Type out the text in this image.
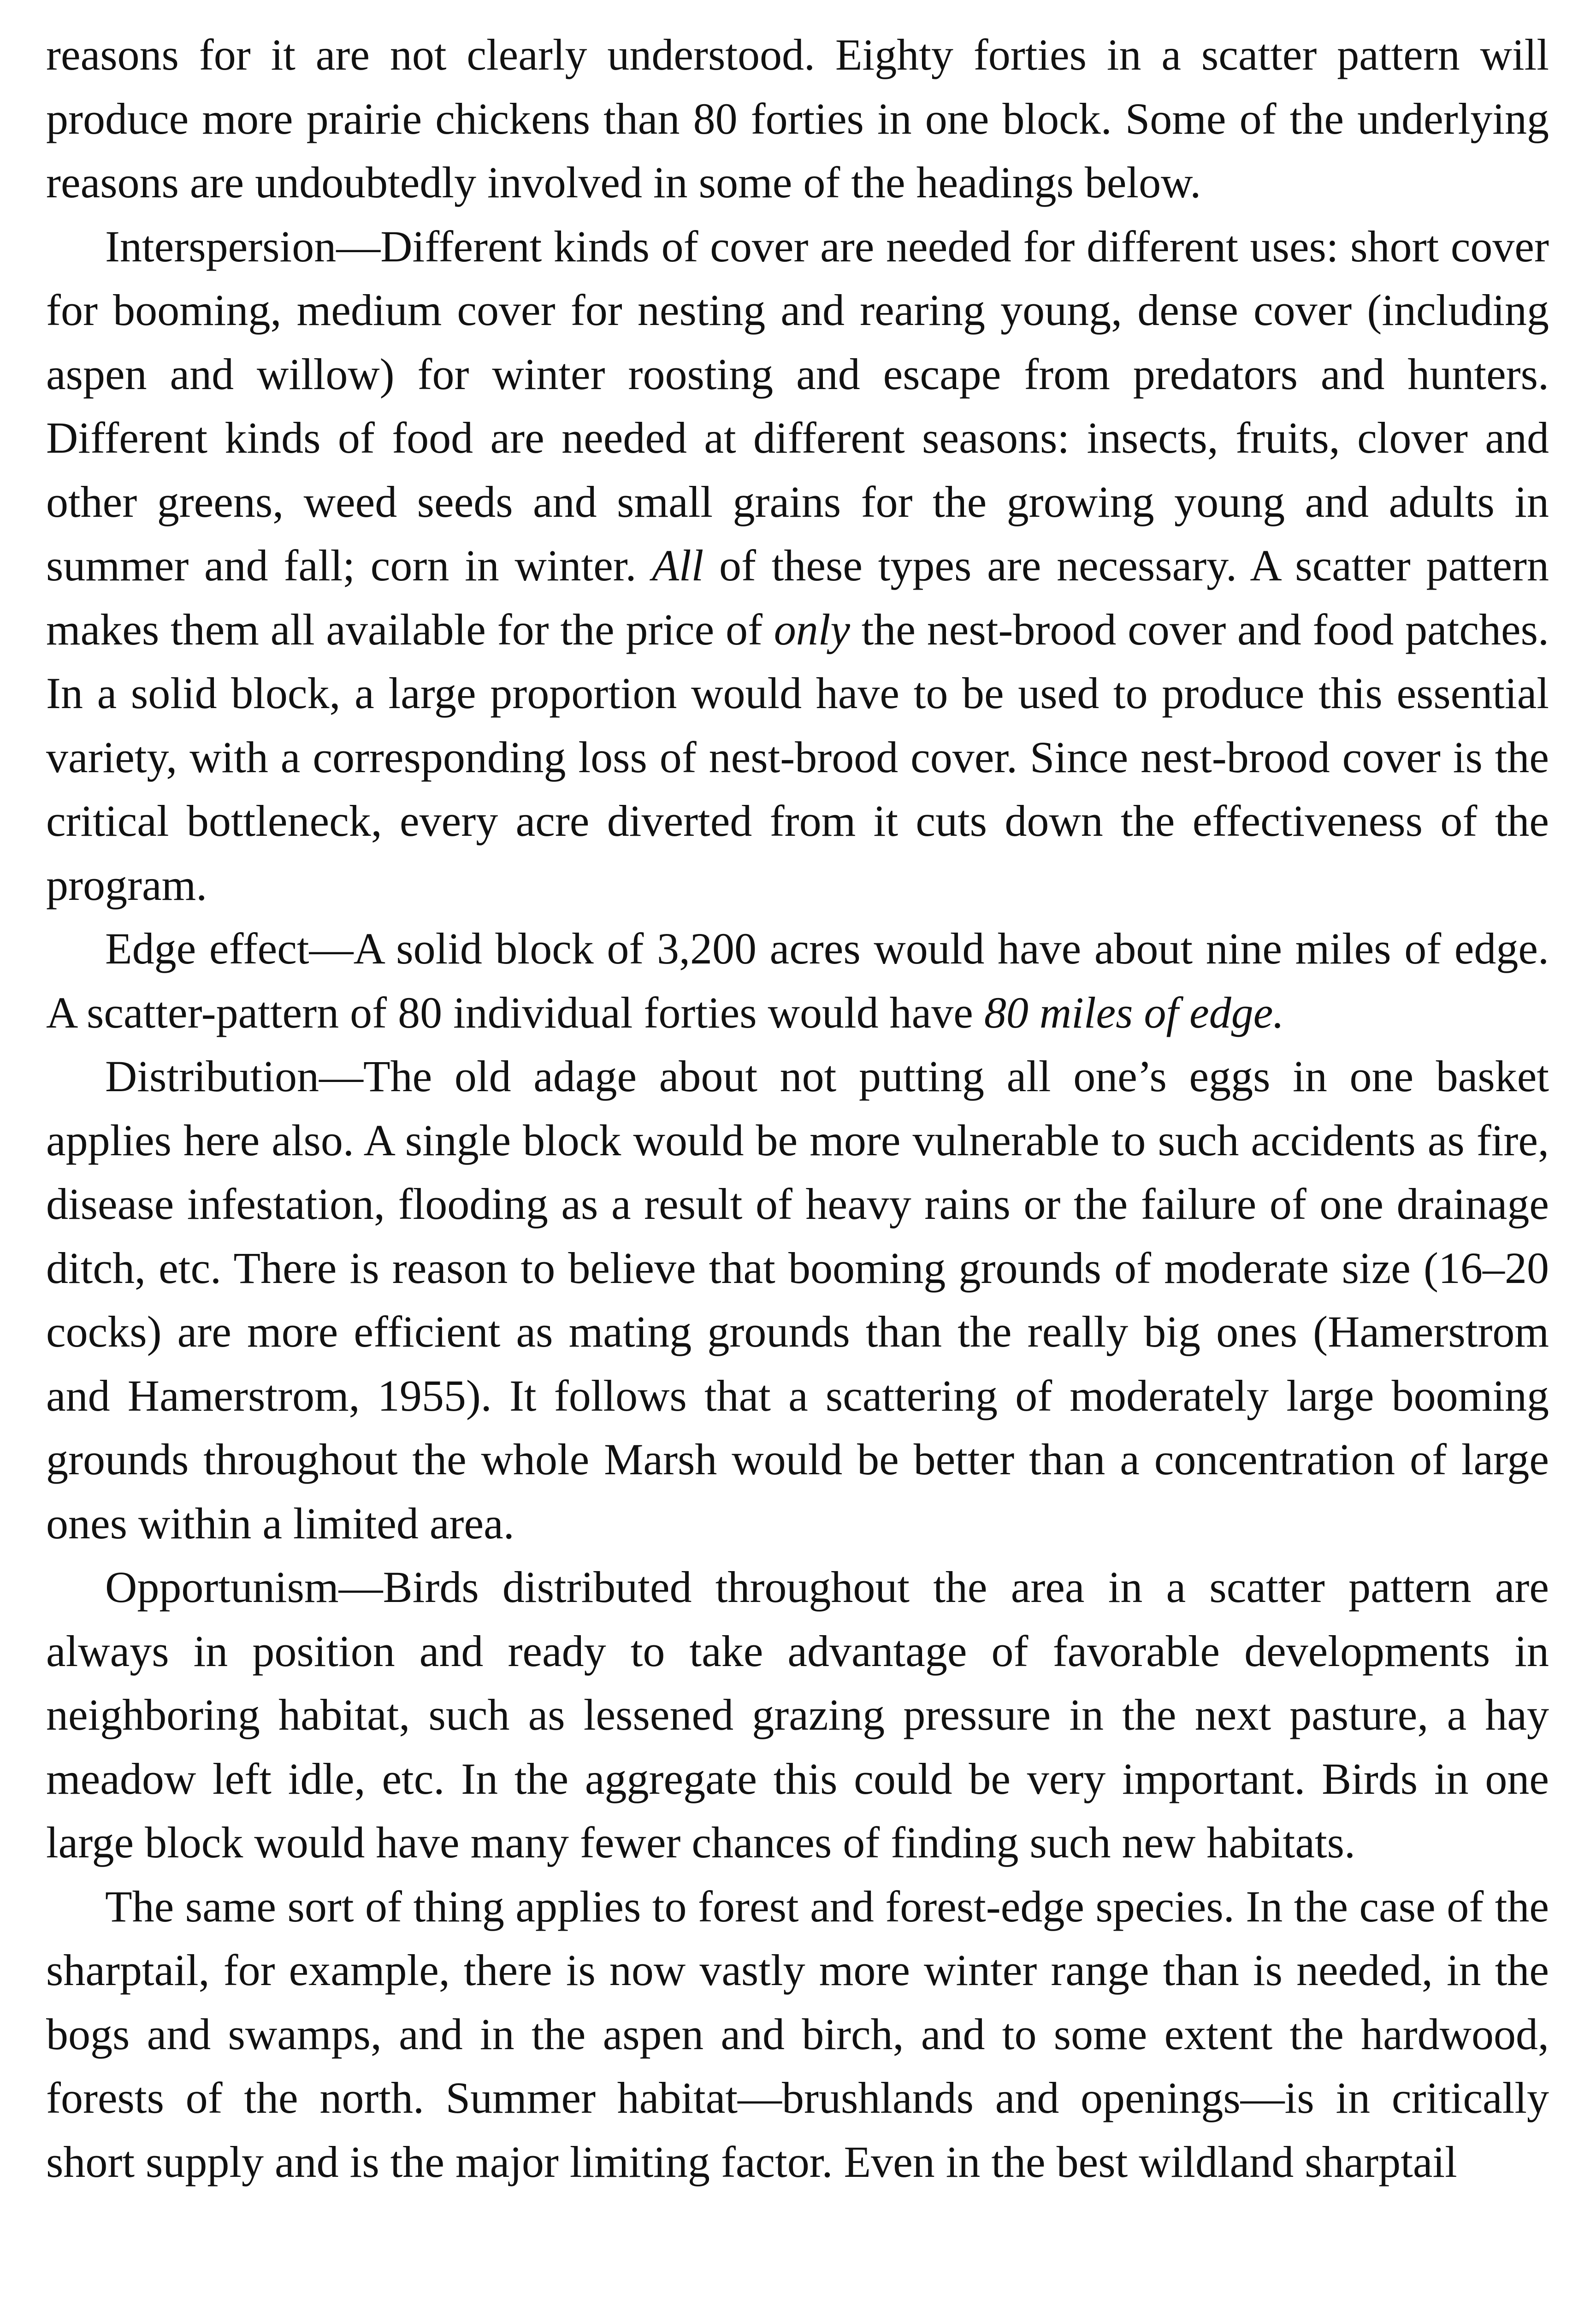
reasons for it are not clearly understood. Eighty forties in a scatter pattern will produce more prairie chickens than 80 forties in one block. Some of the underlying reasons are undoubtedly involved in some of the headings below.

Interspersion—Different kinds of cover are needed for different uses: short cover for booming, medium cover for nesting and rearing young, dense cover (including aspen and willow) for winter roosting and escape from predators and hunters. Different kinds of food are needed at different seasons: insects, fruits, clover and other greens, weed seeds and small grains for the growing young and adults in summer and fall; corn in winter. All of these types are necessary. A scatter pattern makes them all available for the price of only the nest-brood cover and food patches. In a solid block, a large proportion would have to be used to produce this essential variety, with a corresponding loss of nest-brood cover. Since nest-brood cover is the critical bottleneck, every acre diverted from it cuts down the effectiveness of the program.

Edge effect—A solid block of 3,200 acres would have about nine miles of edge. A scatter-pattern of 80 individual forties would have 80 miles of edge.

Distribution—The old adage about not putting all one’s eggs in one basket applies here also. A single block would be more vulnerable to such accidents as fire, disease infestation, flooding as a result of heavy rains or the failure of one drainage ditch, etc. There is reason to believe that booming grounds of moderate size (16–20 cocks) are more efficient as mating grounds than the really big ones (Hamerstrom and Hamerstrom, 1955). It follows that a scattering of moderately large booming grounds throughout the whole Marsh would be better than a concentration of large ones within a limited area.

Opportunism—Birds distributed throughout the area in a scatter pattern are always in position and ready to take advantage of favorable developments in neighboring habitat, such as lessened grazing pressure in the next pasture, a hay meadow left idle, etc. In the aggregate this could be very important. Birds in one large block would have many fewer chances of finding such new habitats.

The same sort of thing applies to forest and forest-edge species. In the case of the sharptail, for example, there is now vastly more winter range than is needed, in the bogs and swamps, and in the aspen and birch, and to some extent the hardwood, forests of the north. Summer habitat—brushlands and openings—is in critically short supply and is the major limiting factor. Even in the best wildland sharptail
